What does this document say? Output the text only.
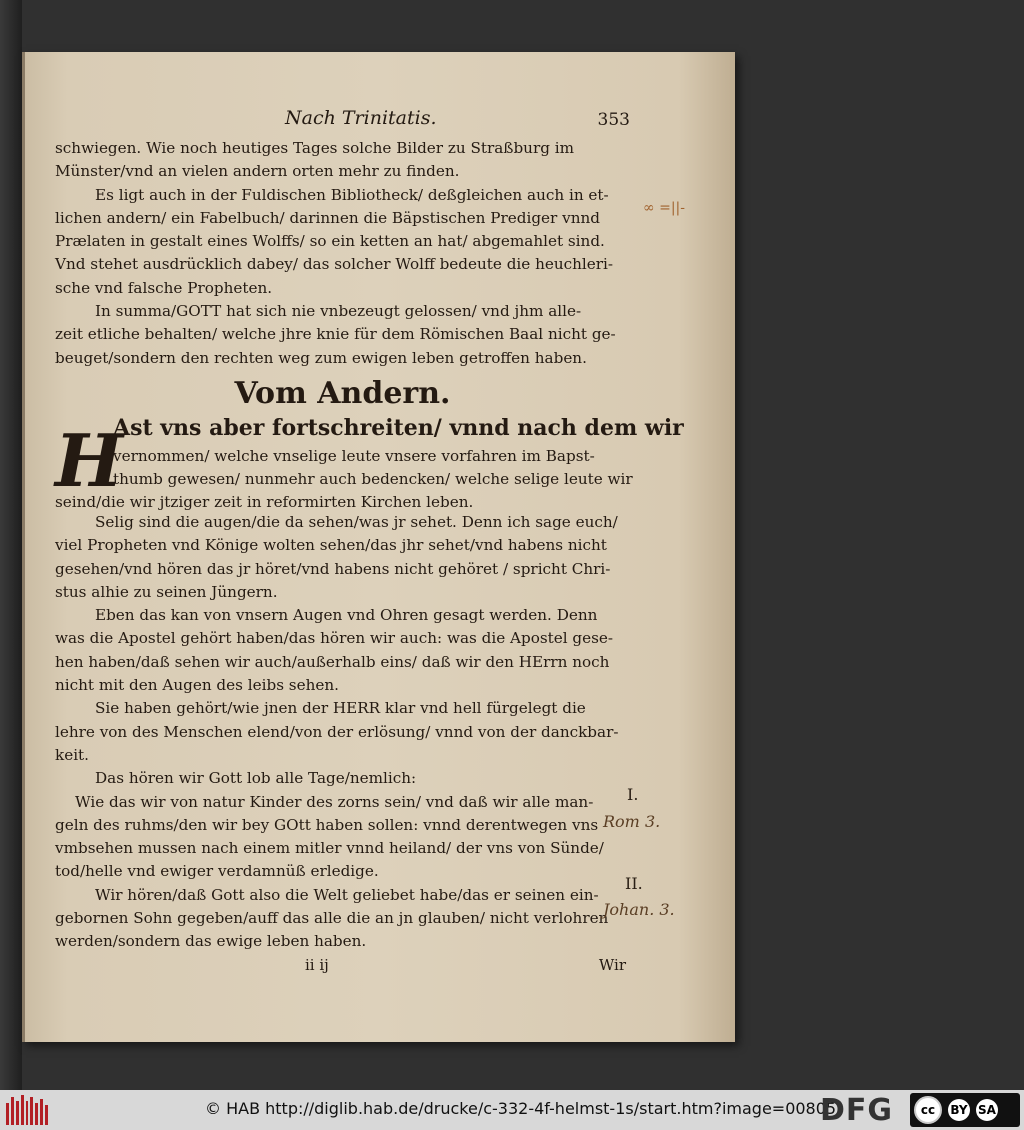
Nach Trinitatis.	353
schwiegen. Wie noch heutiges Tages solche Bilder zu Straßburg im
Münster/vnd an vielen andern orten mehr zu finden.
Es ligt auch in der Fuldischen Bibliotheck/ deßgleichen auch in et-
lichen andern/ ein Fabelbuch/ darinnen die Bäpstischen Prediger vnnd
Prælaten in gestalt eines Wolffs/ so ein ketten an hat/ abgemahlet sind.
Vnd stehet ausdrücklich dabey/ das solcher Wolff bedeute die heuchleri-
sche vnd falsche Propheten.
In summa/GOTT hat sich nie vnbezeugt gelossen/ vnd jhm alle-
zeit etliche behalten/ welche jhre knie für dem Römischen Baal nicht ge-
beuget/sondern den rechten weg zum ewigen leben getroffen haben.
Vom Andern.
H
Ast vns aber fortschreiten/ vnnd nach dem wir
vernommen/ welche vnselige leute vnsere vorfahren im Bapst-
thumb gewesen/ nunmehr auch bedencken/ welche selige leute wir
seind/die wir jtziger zeit in reformirten Kirchen leben.
Selig sind die augen/die da sehen/was jr sehet. Denn ich sage euch/
viel Propheten vnd Könige wolten sehen/das jhr sehet/vnd habens nicht
gesehen/vnd hören das jr höret/vnd habens nicht gehöret / spricht Chri-
stus alhie zu seinen Jüngern.
Eben das kan von vnsern Augen vnd Ohren gesagt werden. Denn
was die Apostel gehört haben/das hören wir auch: was die Apostel gese-
hen haben/daß sehen wir auch/außerhalb eins/ daß wir den HErrn noch
nicht mit den Augen des leibs sehen.
Sie haben gehört/wie jnen der HERR klar vnd hell fürgelegt die
lehre von des Menschen elend/von der erlösung/ vnnd von der danckbar-
keit.
Das hören wir Gott lob alle Tage/nemlich:
Wie das wir von natur Kinder des zorns sein/ vnd daß wir alle man-
geln des ruhms/den wir bey GOtt haben sollen: vnnd derentwegen vns
vmbsehen mussen nach einem mitler vnnd heiland/ der vns von Sünde/
tod/helle vnd ewiger verdamnüß erledige.
Wir hören/daß Gott also die Welt geliebet habe/das er seinen ein-
gebornen Sohn gegeben/auff das alle die an jn glauben/ nicht verlohren
werden/sondern das ewige leben haben.
ii ij	Wir
I.
Rom 3.
II.
Johan. 3.
∞ =||-
© HAB http://diglib.hab.de/drucke/c-332-4f-helmst-1s/start.htm?image=00805
DFG	cc	BY SA
